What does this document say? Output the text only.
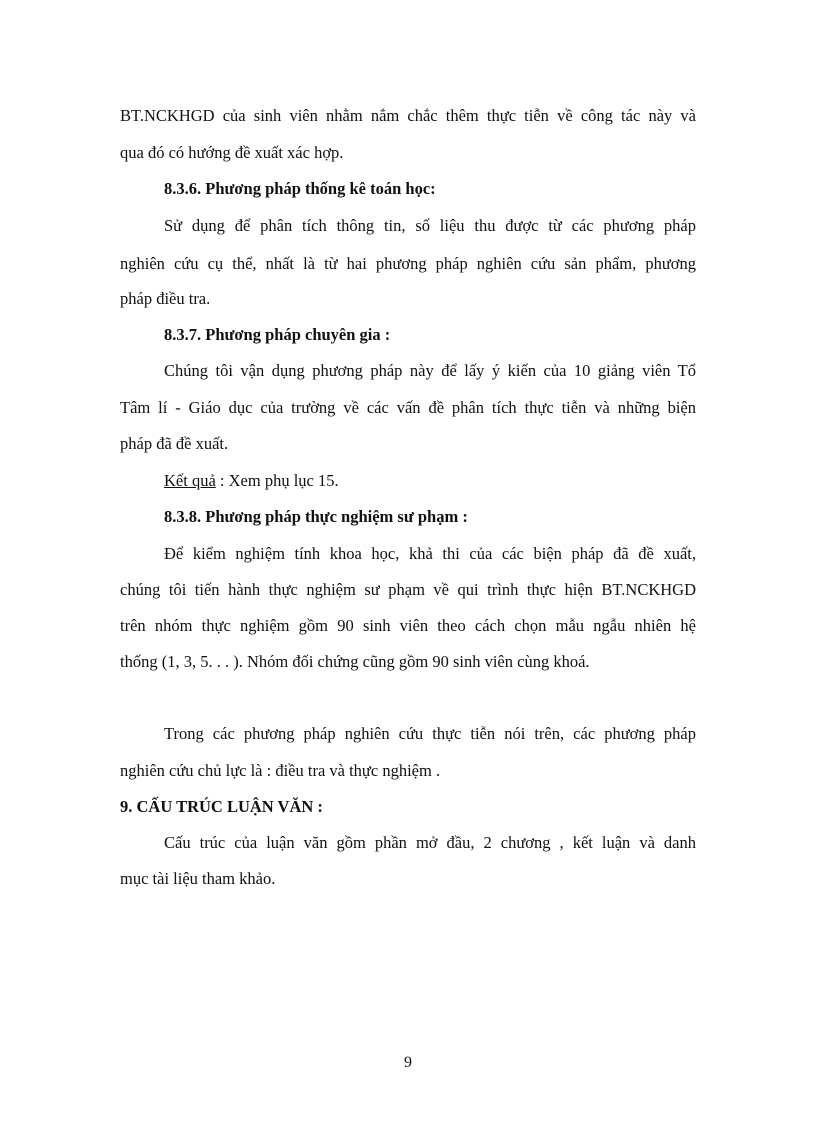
BT.NCKHGD của sinh viên nhằm nắm chắc thêm thực tiễn về công tác này và
qua đó có hướng đề xuất xác hợp.
8.3.6. Phương pháp thống kê toán học:
Sử dụng để phân tích thông tin, số liệu thu được từ các phương pháp
nghiên cứu cụ thể, nhất là từ hai phương pháp nghiên cứu sản phẩm, phương
pháp điều tra.
8.3.7. Phương pháp chuyên gia :
Chúng tôi vận dụng phương pháp này để lấy ý kiến của 10 giảng viên Tổ
Tâm lí - Giáo dục của trường về các vấn đề phân tích thực tiễn và những biện
pháp đã đề xuất.
Kết quả : Xem phụ lục 15.
8.3.8. Phương pháp thực nghiệm sư phạm :
Để kiểm nghiệm tính khoa học, khả thi của các biện pháp đã đề xuất,
chúng tôi tiến hành thực nghiệm sư phạm về qui trình thực hiện BT.NCKHGD
trên nhóm thực nghiệm gồm 90 sinh viên theo cách chọn mẫu ngẫu nhiên hệ
thống (1, 3, 5. . . ). Nhóm đối chứng cũng gồm 90 sinh viên cùng khoá.
Trong các phương pháp nghiên cứu thực tiễn nói trên, các phương pháp
nghiên cứu chủ lực là : điều tra và thực nghiệm .
9. CẤU TRÚC LUẬN VĂN :
Cấu trúc của luận văn gồm phần mở đầu, 2 chương , kết luận và danh
mục tài liệu tham khảo.
9
